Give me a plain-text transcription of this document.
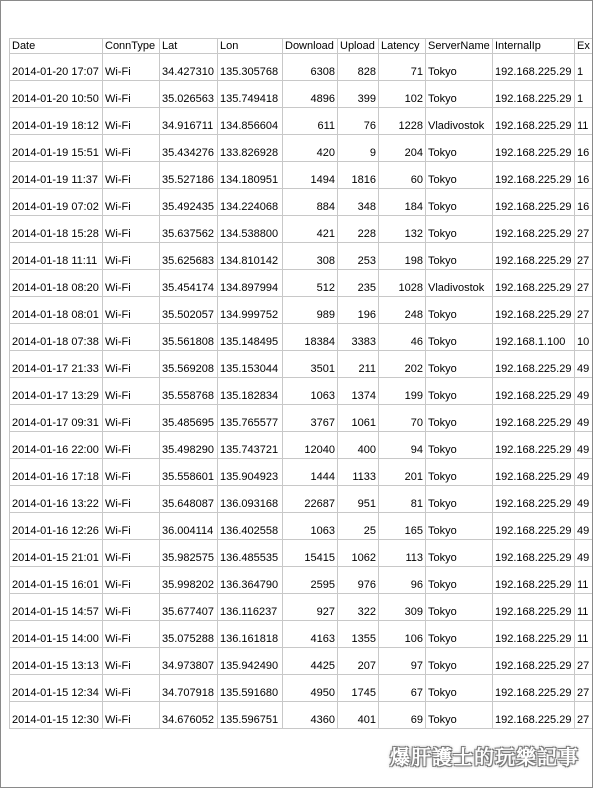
Date	ConnType	Lat	Lon	Download	Upload	Latency	ServerName	InternalIp	Ex
2014-01-20 17:07	Wi-Fi	34.427310	135.305768	6308	828	71	Tokyo	192.168.225.29	1
2014-01-20 10:50	Wi-Fi	35.026563	135.749418	4896	399	102	Tokyo	192.168.225.29	1
2014-01-19 18:12	Wi-Fi	34.916711	134.856604	611	76	1228	Vladivostok	192.168.225.29	11
2014-01-19 15:51	Wi-Fi	35.434276	133.826928	420	9	204	Tokyo	192.168.225.29	16
2014-01-19 11:37	Wi-Fi	35.527186	134.180951	1494	1816	60	Tokyo	192.168.225.29	16
2014-01-19 07:02	Wi-Fi	35.492435	134.224068	884	348	184	Tokyo	192.168.225.29	16
2014-01-18 15:28	Wi-Fi	35.637562	134.538800	421	228	132	Tokyo	192.168.225.29	27
2014-01-18 11:11	Wi-Fi	35.625683	134.810142	308	253	198	Tokyo	192.168.225.29	27
2014-01-18 08:20	Wi-Fi	35.454174	134.897994	512	235	1028	Vladivostok	192.168.225.29	27
2014-01-18 08:01	Wi-Fi	35.502057	134.999752	989	196	248	Tokyo	192.168.225.29	27
2014-01-18 07:38	Wi-Fi	35.561808	135.148495	18384	3383	46	Tokyo	192.168.1.100	10
2014-01-17 21:33	Wi-Fi	35.569208	135.153044	3501	211	202	Tokyo	192.168.225.29	49
2014-01-17 13:29	Wi-Fi	35.558768	135.182834	1063	1374	199	Tokyo	192.168.225.29	49
2014-01-17 09:31	Wi-Fi	35.485695	135.765577	3767	1061	70	Tokyo	192.168.225.29	49
2014-01-16 22:00	Wi-Fi	35.498290	135.743721	12040	400	94	Tokyo	192.168.225.29	49
2014-01-16 17:18	Wi-Fi	35.558601	135.904923	1444	1133	201	Tokyo	192.168.225.29	49
2014-01-16 13:22	Wi-Fi	35.648087	136.093168	22687	951	81	Tokyo	192.168.225.29	49
2014-01-16 12:26	Wi-Fi	36.004114	136.402558	1063	25	165	Tokyo	192.168.225.29	49
2014-01-15 21:01	Wi-Fi	35.982575	136.485535	15415	1062	113	Tokyo	192.168.225.29	49
2014-01-15 16:01	Wi-Fi	35.998202	136.364790	2595	976	96	Tokyo	192.168.225.29	11
2014-01-15 14:57	Wi-Fi	35.677407	136.116237	927	322	309	Tokyo	192.168.225.29	11
2014-01-15 14:00	Wi-Fi	35.075288	136.161818	4163	1355	106	Tokyo	192.168.225.29	11
2014-01-15 13:13	Wi-Fi	34.973807	135.942490	4425	207	97	Tokyo	192.168.225.29	27
2014-01-15 12:34	Wi-Fi	34.707918	135.591680	4950	1745	67	Tokyo	192.168.225.29	27
2014-01-15 12:30	Wi-Fi	34.676052	135.596751	4360	401	69	Tokyo	192.168.225.29	27
爆肝護士的玩樂記事
